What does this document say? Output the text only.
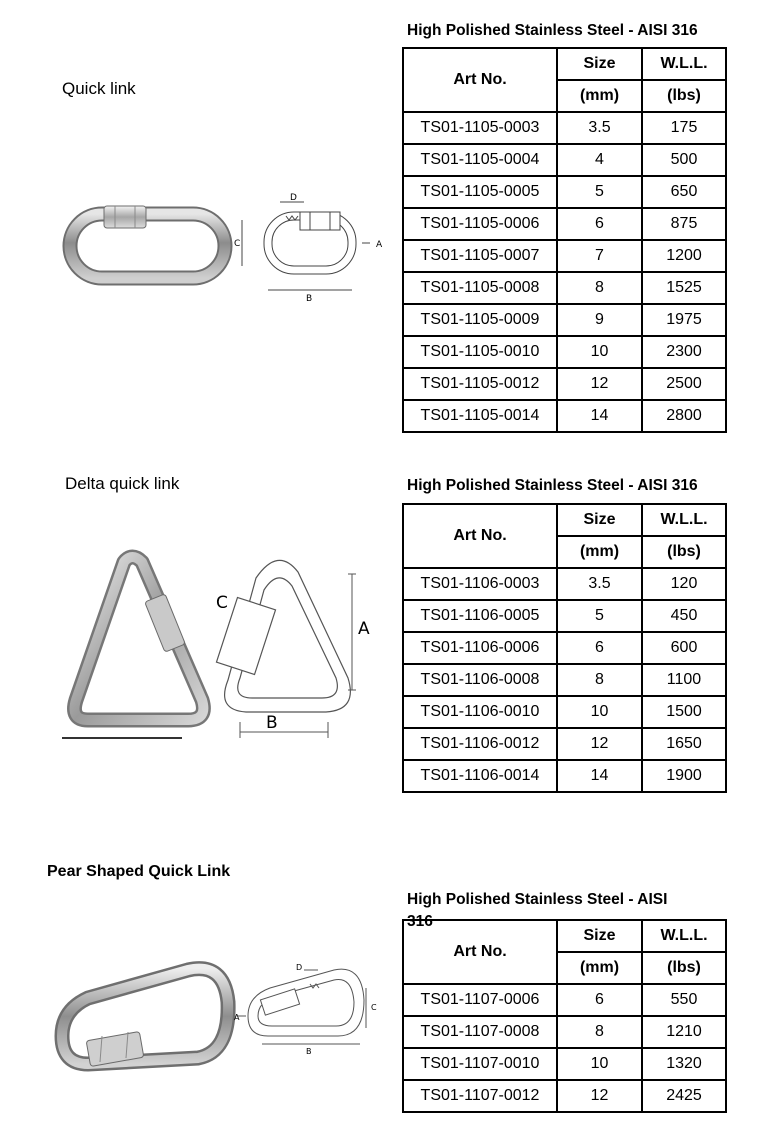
Quick link
High Polished Stainless Steel - AISI 316
Art No.	Size	W.L.L.
	(mm)	(lbs)
TS01-1105-0003	3.5	175
TS01-1105-0004	4	500
TS01-1105-0005	5	650
TS01-1105-0006	6	875
TS01-1105-0007	7	1200
TS01-1105-0008	8	1525
TS01-1105-0009	9	1975
TS01-1105-0010	10	2300
TS01-1105-0012	12	2500
TS01-1105-0014	14	2800
C
B
D
A
Delta quick link	High Polished Stainless Steel - AISI 316
Art No.	Size	W.L.L.
	(mm)	(lbs)
TS01-1106-0003	3.5	120
TS01-1106-0005	5	450
TS01-1106-0006	6	600
TS01-1106-0008	8	1100
TS01-1106-0010	10	1500
TS01-1106-0012	12	1650
TS01-1106-0014	14	1900
A
B
C
Pear Shaped Quick Link
High Polished Stainless Steel - AISI
316
Art No.	Size	W.L.L.
	(mm)	(lbs)
TS01-1107-0006	6	550
TS01-1107-0008	8	1210
TS01-1107-0010	10	1320
TS01-1107-0012	12	2425
A
B
C
D
